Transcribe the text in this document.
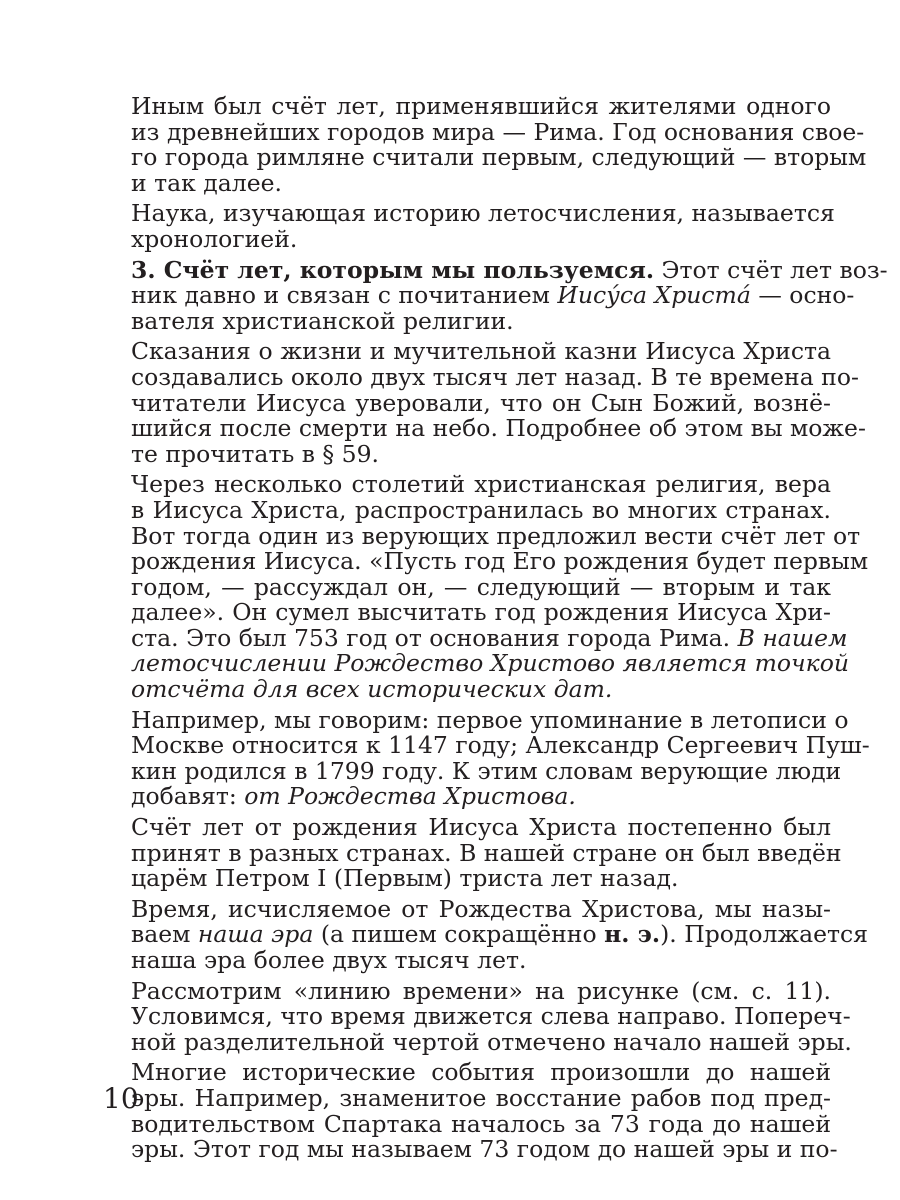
Иным был счёт лет, применявшийся жителями одного
из древнейших городов мира — Рима. Год основания свое-
го города римляне считали первым, следующий — вторым
и так далее.
Наука, изучающая историю летосчисления, называется
хронологией.
3. Счёт лет, которым мы пользуемся. Этот счёт лет воз-
ник давно и связан с почитанием Иису́са Христа́ — осно-
вателя христианской религии.
Сказания о жизни и мучительной казни Иисуса Христа
создавались около двух тысяч лет назад. В те времена по-
читатели Иисуса уверовали, что он Сын Божий, вознё-
шийся после смерти на небо. Подробнее об этом вы може-
те прочитать в § 59.
Через несколько столетий христианская религия, вера
в Иисуса Христа, распространилась во многих странах.
Вот тогда один из верующих предложил вести счёт лет от
рождения Иисуса. «Пусть год Его рождения будет первым
годом, — рассуждал он, — следующий — вторым и так
далее». Он сумел высчитать год рождения Иисуса Хри-
ста. Это был 753 год от основания города Рима. В нашем
летосчислении Рождество Христово является точкой
отсчёта для всех исторических дат.
Например, мы говорим: первое упоминание в летописи о
Москве относится к 1147 году; Александр Сергеевич Пуш-
кин родился в 1799 году. К этим словам верующие люди
добавят: от Рождества Христова.
Счёт лет от рождения Иисуса Христа постепенно был
принят в разных странах. В нашей стране он был введён
царём Петром I (Первым) триста лет назад.
Время, исчисляемое от Рождества Христова, мы назы-
ваем наша эра (а пишем сокращённо н. э.). Продолжается
наша эра более двух тысяч лет.
Рассмотрим «линию времени» на рисунке (см. с. 11).
Условимся, что время движется слева направо. Попереч-
ной разделительной чертой отмечено начало нашей эры.
Многие исторические события произошли до нашей
эры. Например, знаменитое восстание рабов под пред-
водительством Спартака началось за 73 года до нашей
эры. Этот год мы называем 73 годом до нашей эры и по-
10
